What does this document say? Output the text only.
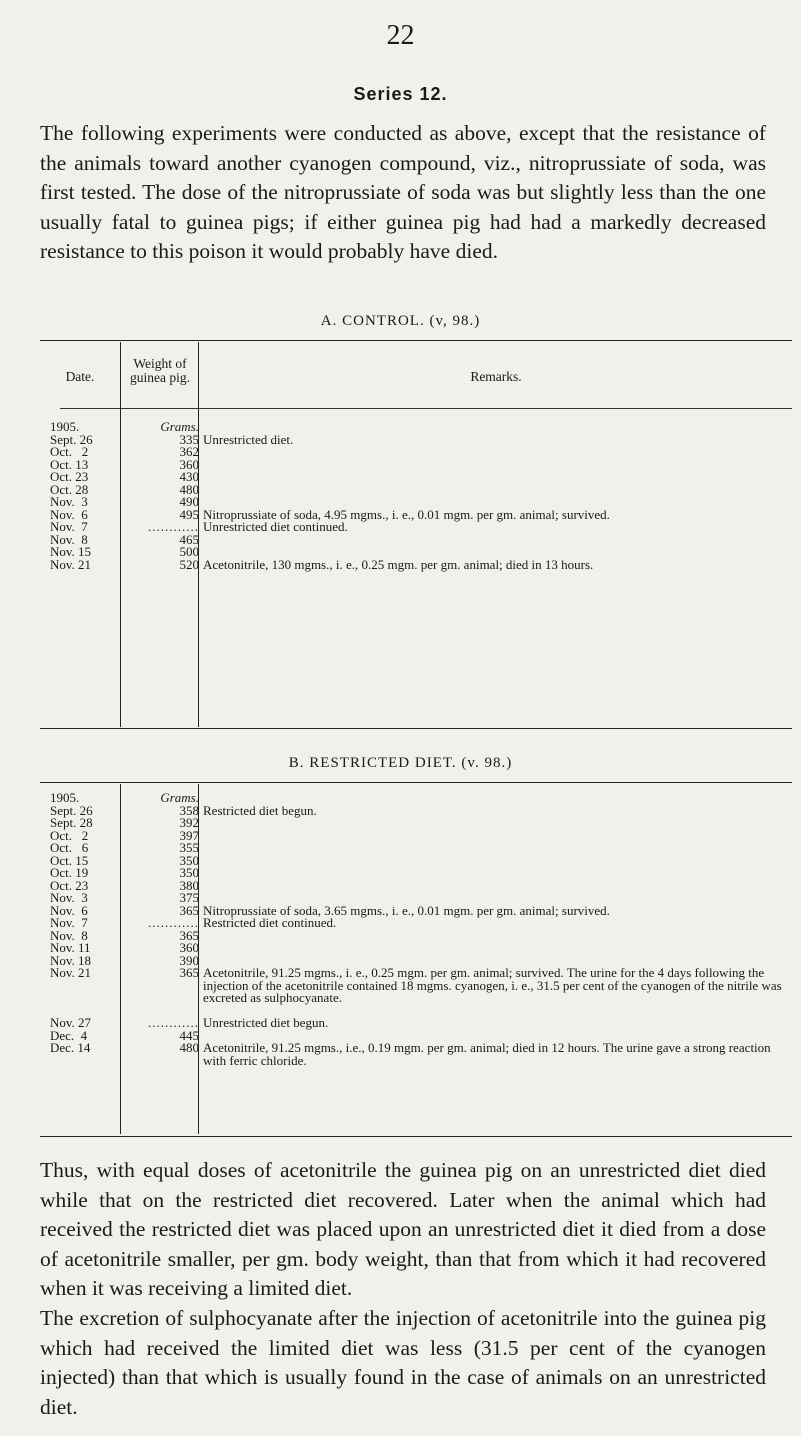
22
Series 12.

The following experiments were conducted as above, except that the resistance of the animals toward another cyanogen compound, viz., nitroprussiate of soda, was first tested. The dose of the nitroprussiate of soda was but slightly less than the one usually fatal to guinea pigs; if either guinea pig had had a markedly decreased resistance to this poison it would probably have died.

A. CONTROL. (v, 98.)
Date.
Weight of guinea pig.	Remarks.
1905.	Grams.
Sept. 26	335 Unrestricted diet.
Oct.   2	362
Oct. 13	360
Oct. 23	430
Oct. 28	480
Nov.  3	490
Nov.  6	495 Nitroprussiate of soda, 4.95 mgms., i. e., 0.01 mgm. per gm. animal; survived.
Nov.  7	............ Unrestricted diet continued.
Nov.  8	465
Nov. 15	500
Nov. 21	520 Acetonitrile, 130 mgms., i. e., 0.25 mgm. per gm. animal; died in 13 hours.
B. RESTRICTED DIET. (v. 98.)
1905.	Grams.
Sept. 26	358 Restricted diet begun.
Sept. 28	392
Oct.   2	397
Oct.   6	355
Oct. 15	350
Oct. 19	350
Oct. 23	380
Nov.  3	375
Nov.  6	365 Nitroprussiate of soda, 3.65 mgms., i. e., 0.01 mgm. per gm. animal; survived.
Nov.  7	............ Restricted diet continued.
Nov.  8	365
Nov. 11	360
Nov. 18	390
Nov. 21	365 Acetonitrile, 91.25 mgms., i. e., 0.25 mgm. per gm. animal; survived. The urine for the 4 days following the injection of the acetonitrile contained 18 mgms. cyanogen, i. e., 31.5 per cent of the cyanogen of the nitrile was excreted as sulphocyanate.
Nov. 27	............ Unrestricted diet begun.
Dec.  4	445
Dec. 14	480 Acetonitrile, 91.25 mgms., i.e., 0.19 mgm. per gm. animal; died in 12 hours. The urine gave a strong reaction with ferric chloride.

Thus, with equal doses of acetonitrile the guinea pig on an unrestricted diet died while that on the restricted diet recovered. Later when the animal which had received the restricted diet was placed upon an unrestricted diet it died from a dose of acetonitrile smaller, per gm. body weight, than that from which it had recovered when it was receiving a limited diet.

The excretion of sulphocyanate after the injection of acetonitrile into the guinea pig which had received the limited diet was less (31.5 per cent of the cyanogen injected) than that which is usually found in the case of animals on an unrestricted diet.
